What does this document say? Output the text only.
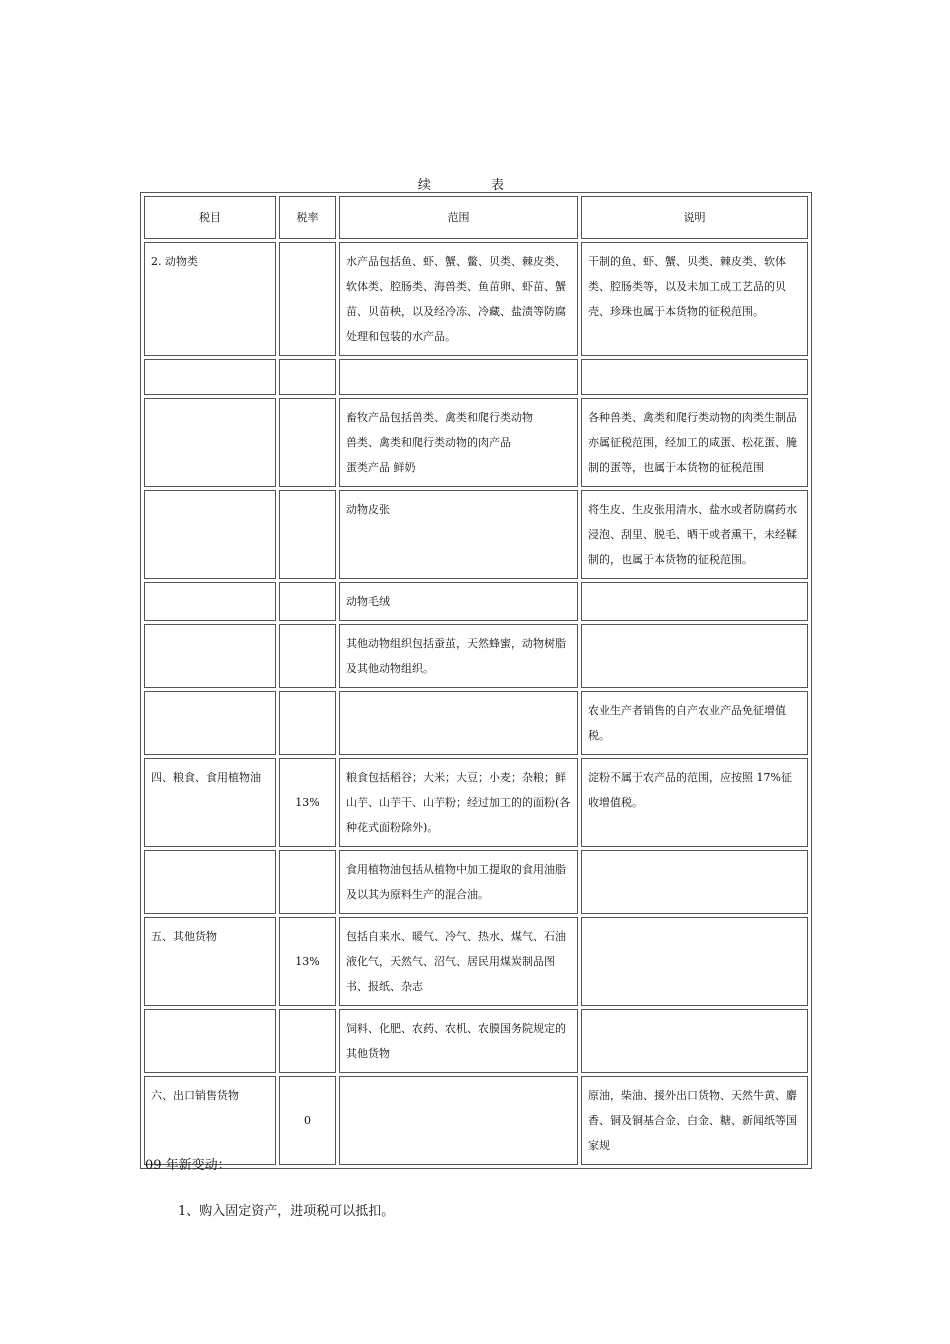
续 表
税目	税率	范围	说明
2. 动物类		水产品包括鱼、虾、蟹、鳖、贝类、棘皮类、软体类、腔肠类、海兽类、鱼苗卵、虾苗、蟹苗、贝苗秧，以及经冷冻、冷藏、盐渍等防腐处理和包装的水产品。	干制的鱼、虾、蟹、贝类、棘皮类、软体类、腔肠类等，以及未加工成工艺品的贝壳、珍珠也属于本货物的征税范围。

		畜牧产品包括兽类、禽类和爬行类动物
兽类、禽类和爬行类动物的肉产品
蛋类产品 鲜奶	各种兽类、禽类和爬行类动物的肉类生制品亦属征税范围，经加工的咸蛋、松花蛋、腌制的蛋等，也属于本货物的征税范围
		动物皮张	将生皮、生皮张用清水、盐水或者防腐药水浸泡、刮里、脱毛、晒干或者熏干，未经鞣制的，也属于本货物的征税范围。
		动物毛绒	
		其他动物组织包括蚕茧，天然蜂蜜，动物树脂及其他动物组织。	
			农业生产者销售的自产农业产品免征增值税。
四、粮食、食用植物油	13%	粮食包括稻谷；大米；大豆；小麦；杂粮；鲜山芋、山芋干、山芋粉；经过加工的的面粉(各种花式面粉除外)。	淀粉不属于农产品的范围，应按照 17%征收增值税。
		食用植物油包括从植物中加工提取的食用油脂及以其为原料生产的混合油。	
五、其他货物	13%	包括自来水、暖气、冷气、热水、煤气、石油液化气，天然气、沼气、居民用煤炭制品图书、报纸、杂志	
		饲料、化肥、农药、农机、农膜国务院规定的其他货物	
六、出口销售货物	0		原油，柴油、援外出口货物、天然牛黄、麝香、铜及铜基合金、白金、糖、新闻纸等国家规
09 年新变动：
1、购入固定资产，进项税可以抵扣。
